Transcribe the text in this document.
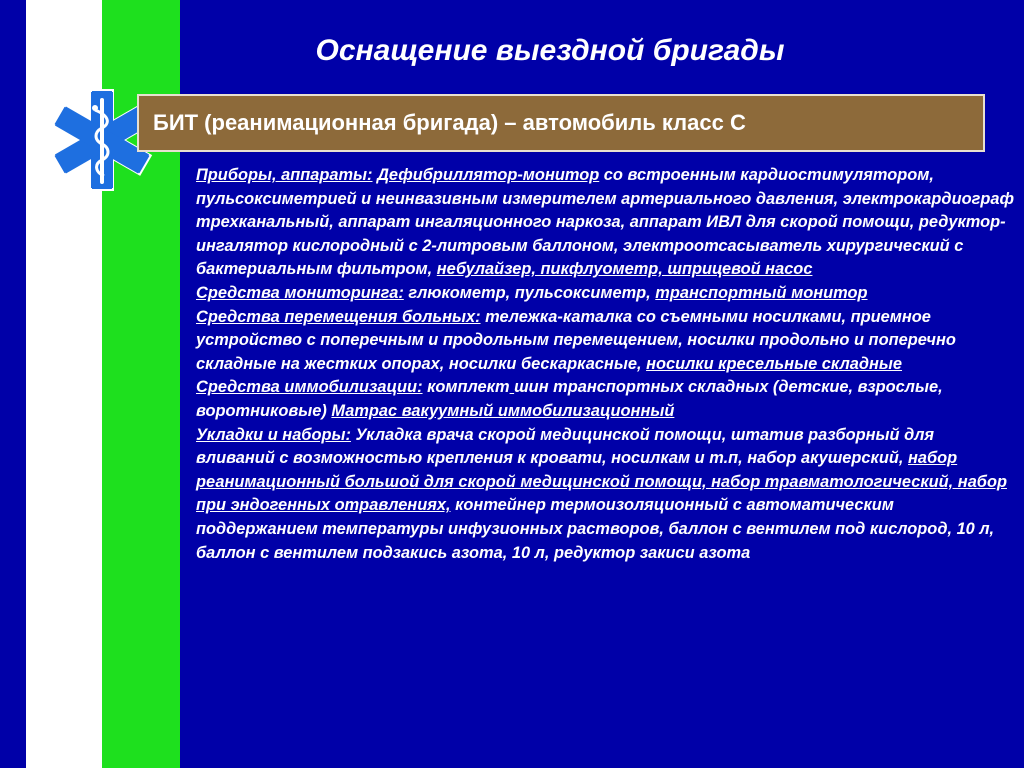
Оснащение выездной бригады
БИТ (реанимационная бригада) – автомобиль класс С

Приборы, аппараты: Дефибриллятор-монитор со встроенным кардиостимулятором, пульсоксиметрией и неинвазивным измерителем артериального давления, электрокардиограф трехканальный, аппарат ингаляционного наркоза, аппарат ИВЛ для скорой помощи, редуктор-ингалятор кислородный с 2-литровым баллоном, электроотсасыватель хирургический с бактериальным фильтром, небулайзер, пикфлуометр, шприцевой насос

Средства мониторинга: глюкометр, пульсоксиметр, транспортный монитор

Средства перемещения больных: тележка-каталка со съемными носилками, приемное устройство с поперечным и продольным перемещением, носилки продольно и поперечно складные на жестких опорах, носилки бескаркасные, носилки кресельные складные

Средства иммобилизации: комплект шин транспортных складных (детские, взрослые, воротниковые) Матрас вакуумный иммобилизационный

Укладки и наборы: Укладка врача скорой медицинской помощи, штатив разборный для вливаний с возможностью крепления к кровати, носилкам и т.п, набор акушерский, набор реанимационный большой для скорой медицинской помощи, набор травматологический, набор при эндогенных отравлениях, контейнер термоизоляционный с автоматическим поддержанием температуры инфузионных растворов, баллон с вентилем под кислород, 10 л, баллон с вентилем подзакись азота, 10 л, редуктор закиси азота
